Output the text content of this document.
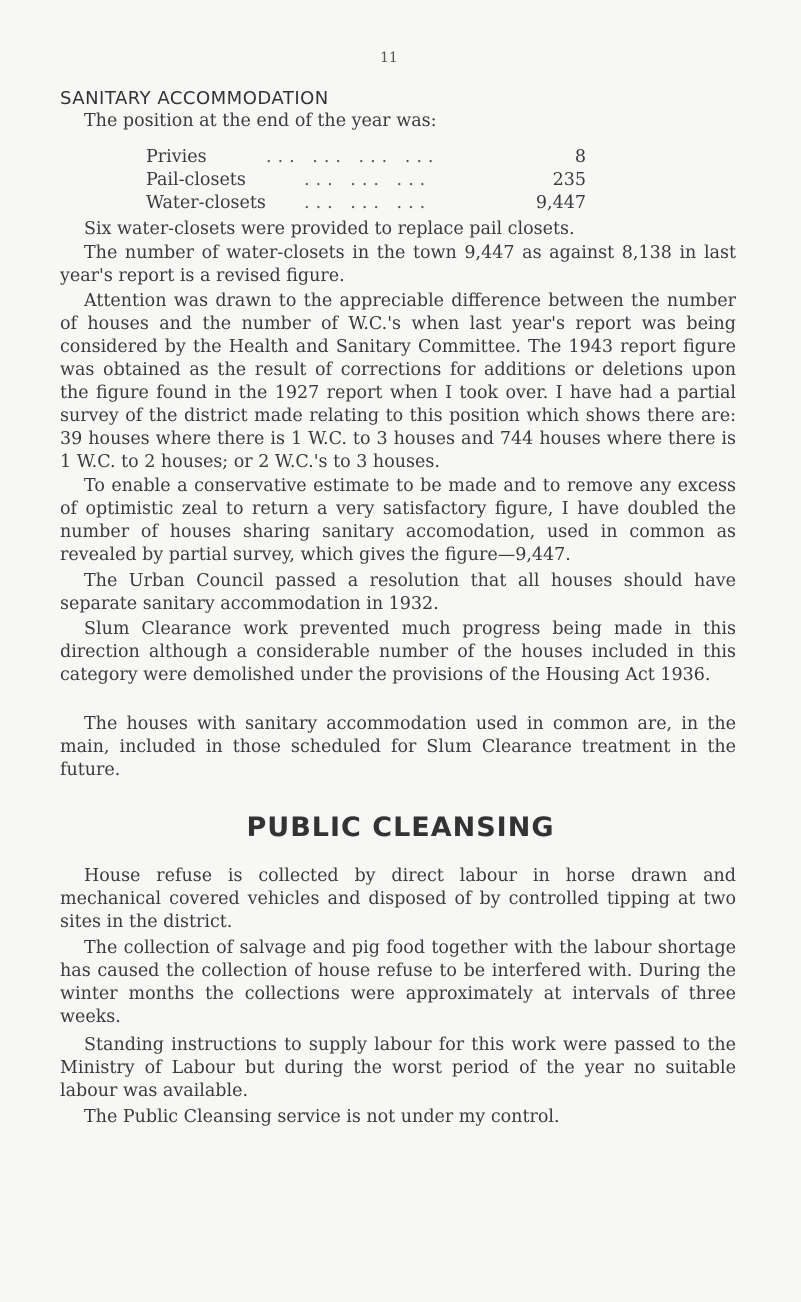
11
SANITARY ACCOMMODATION

The position at the end of the year was:

Privies	... ... ... ...	8
Pail-closets	... ... ...	235
Water-closets ... ... ...	9,447

Six water-closets were provided to replace pail closets.

The number of water-closets in the town 9,447 as against 8,138 in last year's report is a revised figure.

Attention was drawn to the appreciable difference between the number of houses and the number of W.C.'s when last year's report was being considered by the Health and Sanitary Committee. The 1943 report figure was obtained as the result of corrections for additions or deletions upon the figure found in the 1927 report when I took over. I have had a partial survey of the district made relating to this position which shows there are: 39 houses where there is 1 W.C. to 3 houses and 744 houses where there is 1 W.C. to 2 houses; or 2 W.C.'s to 3 houses.

To enable a conservative estimate to be made and to remove any excess of optimistic zeal to return a very satisfactory figure, I have doubled the number of houses sharing sanitary accomodation, used in common as revealed by partial survey, which gives the figure—9,447.

The Urban Council passed a resolution that all houses should have separate sanitary accommodation in 1932.

Slum Clearance work prevented much progress being made in this direction although a considerable number of the houses included in this category were demolished under the provisions of the Housing Act 1936.

The houses with sanitary accommodation used in common are, in the main, included in those scheduled for Slum Clearance treatment in the future.

PUBLIC CLEANSING

House refuse is collected by direct labour in horse drawn and mechanical covered vehicles and disposed of by controlled tipping at two sites in the district.

The collection of salvage and pig food together with the labour shortage has caused the collection of house refuse to be interfered with. During the winter months the collections were approximately at intervals of three weeks.

Standing instructions to supply labour for this work were passed to the Ministry of Labour but during the worst period of the year no suitable labour was available.

The Public Cleansing service is not under my control.
